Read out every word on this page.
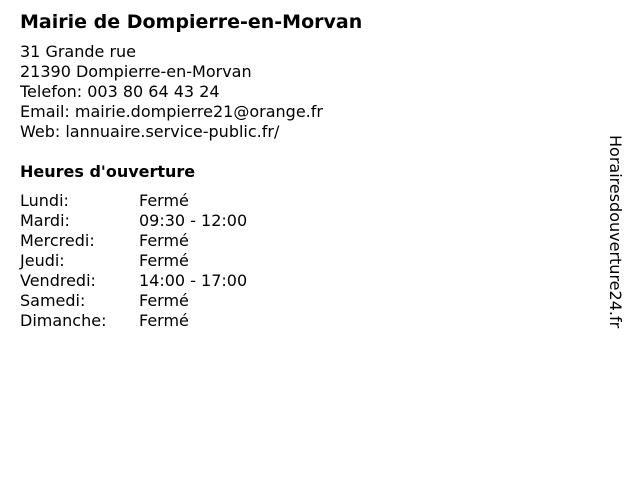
Mairie de Dompierre-en-Morvan
31 Grande rue
21390 Dompierre-en-Morvan
Telefon: 003 80 64 43 24
Email: mairie.dompierre21@orange.fr
Web: lannuaire.service-public.fr/
Heures d'ouverture
Lundi:	Fermé
Mardi:	09:30 - 12:00
Mercredi:	Fermé
Jeudi:	Fermé
Vendredi:	14:00 - 17:00
Samedi:	Fermé
Dimanche:	Fermé	Horairesdouverture24.fr
